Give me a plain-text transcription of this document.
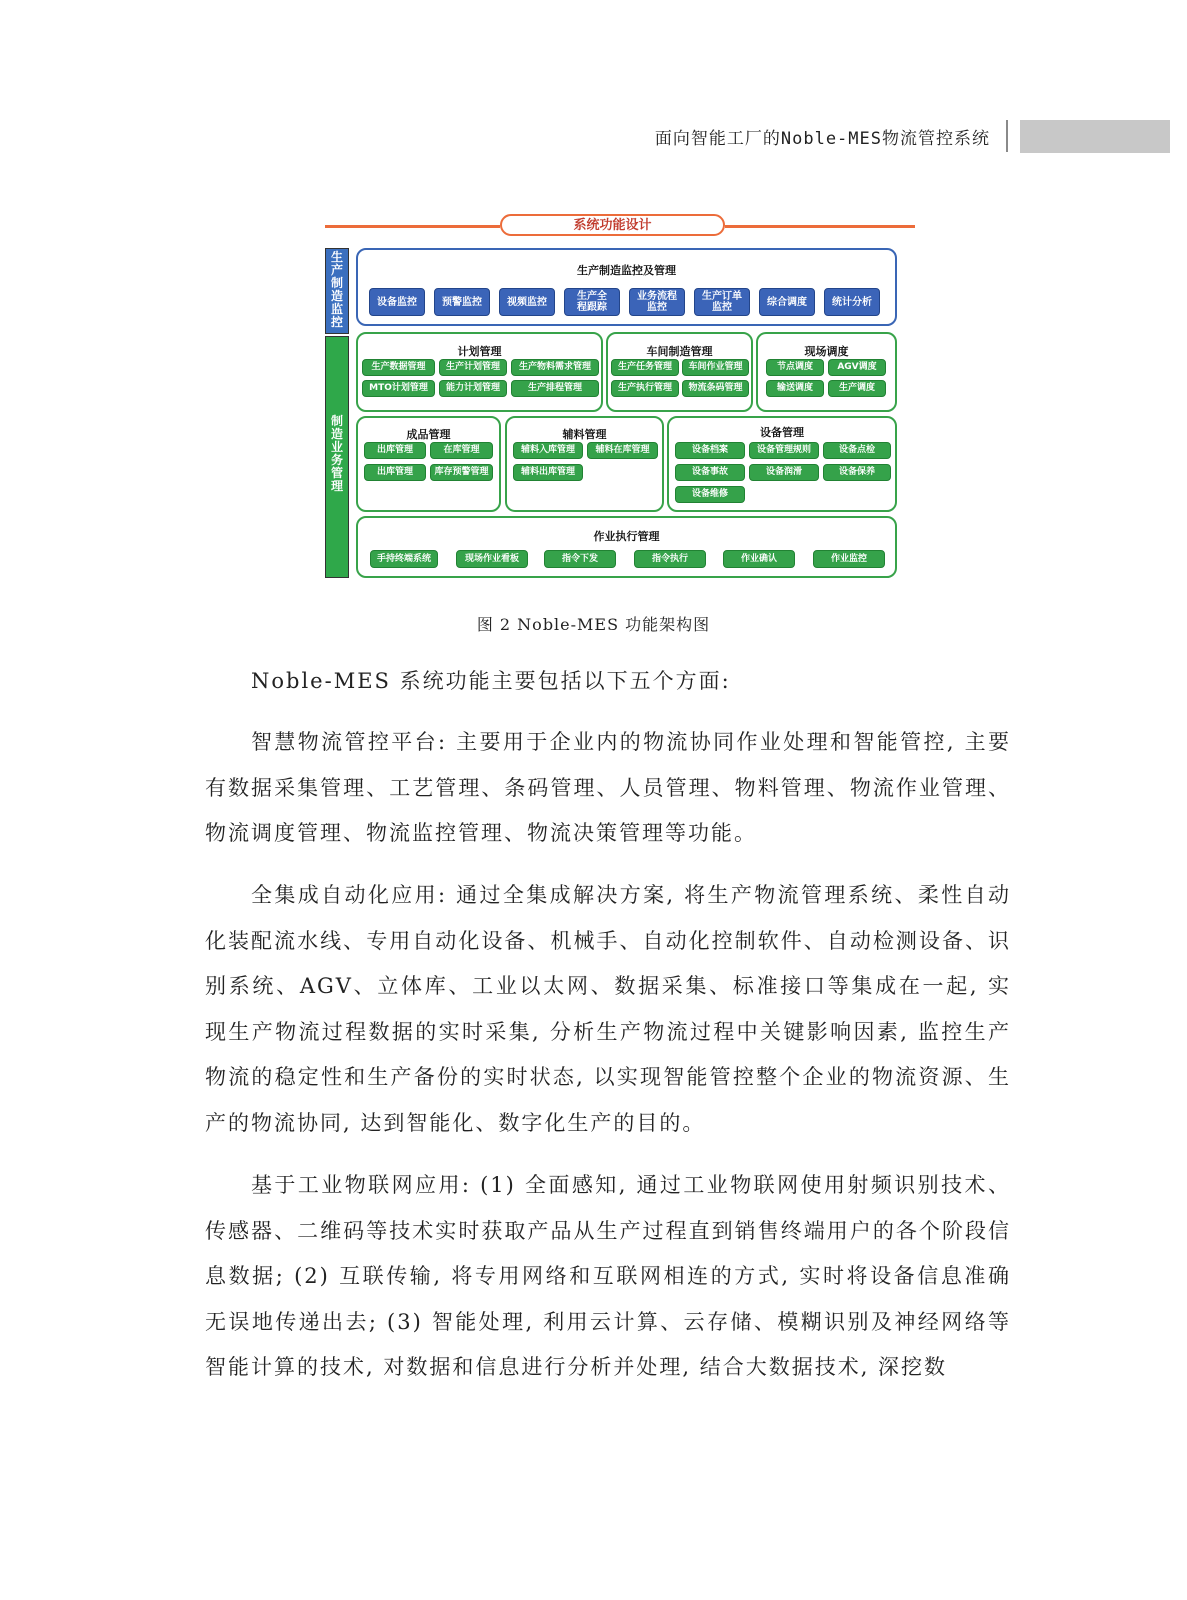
面向智能工厂的Noble-MES物流管控系统
系统功能设计
生产制造监控
制造业务管理
生产制造监控及管理
设备监控	预警监控	视频监控	生产全程跟踪
业务流程监控
生产订单监控	综合调度	统计分析
计划管理
生产数据管理	生产计划管理	生产物料需求管理
MTO计划管理	能力计划管理	生产排程管理
车间制造管理
生产任务管理	车间作业管理
生产执行管理	物流条码管理
现场调度
节点调度	AGV调度
输送调度	生产调度
成品管理
出库管理	在库管理
出库管理	库存预警管理
辅料管理
辅料入库管理	辅料在库管理
辅料出库管理
设备管理
设备档案	设备管理规则	设备点检
设备事故	设备润滑	设备保养
设备维修
作业执行管理
手持终端系统	现场作业看板	指令下发	指令执行	作业确认	作业监控
图 2 Noble-MES 功能架构图
Noble-MES 系统功能主要包括以下五个方面:
智慧物流管控平台: 主要用于企业内的物流协同作业处理和智能管控, 主要有数据采集管理、工艺管理、条码管理、人员管理、物料管理、物流作业管理、物流调度管理、物流监控管理、物流决策管理等功能。
全集成自动化应用: 通过全集成解决方案, 将生产物流管理系统、柔性自动化装配流水线、专用自动化设备、机械手、自动化控制软件、自动检测设备、识别系统、AGV、立体库、工业以太网、数据采集、标准接口等集成在一起, 实现生产物流过程数据的实时采集, 分析生产物流过程中关键影响因素, 监控生产物流的稳定性和生产备份的实时状态, 以实现智能管控整个企业的物流资源、生产的物流协同, 达到智能化、数字化生产的目的。
基于工业物联网应用: (1) 全面感知, 通过工业物联网使用射频识别技术、传感器、二维码等技术实时获取产品从生产过程直到销售终端用户的各个阶段信息数据; (2) 互联传输, 将专用网络和互联网相连的方式, 实时将设备信息准确无误地传递出去; (3) 智能处理, 利用云计算、云存储、模糊识别及神经网络等智能计算的技术, 对数据和信息进行分析并处理, 结合大数据技术, 深挖数
